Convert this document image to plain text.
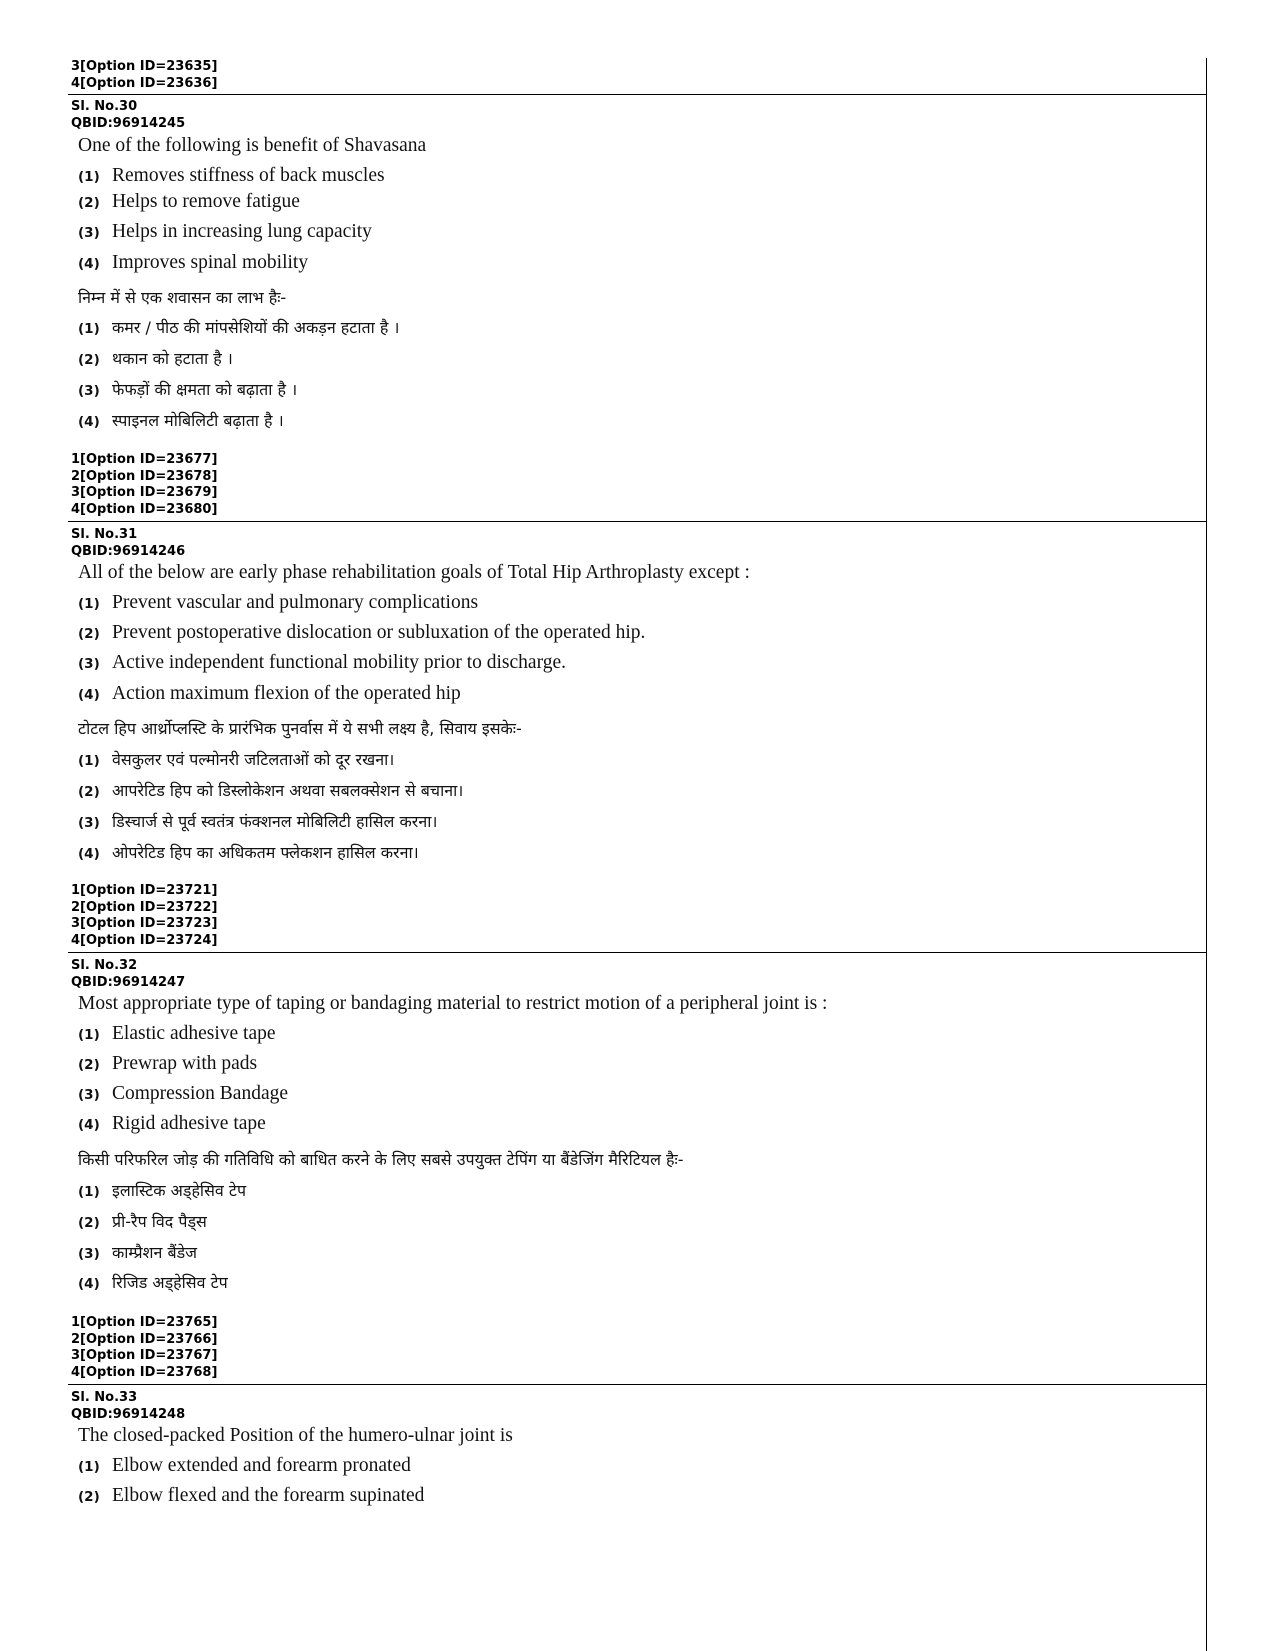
3[Option ID=23635]
4[Option ID=23636]
Sl. No.30
QBID:96914245
One of the following is benefit of Shavasana
(1) Removes stiffness of back muscles
(2) Helps to remove fatigue
(3) Helps in increasing lung capacity
(4) Improves spinal mobility
निम्न में से एक शवासन का लाभ हैः-
(1) कमर / पीठ की मांपसेशियों की अकड़न हटाता है ।
(2) थकान को हटाता है ।
(3) फेफड़ों की क्षमता को बढ़ाता है ।
(4) स्पाइनल मोबिलिटी बढ़ाता है ।
1[Option ID=23677]
2[Option ID=23678]
3[Option ID=23679]
4[Option ID=23680]
Sl. No.31
QBID:96914246
All of the below are early phase rehabilitation goals of Total Hip Arthroplasty except :
(1) Prevent vascular and pulmonary complications
(2) Prevent postoperative dislocation or subluxation of the operated hip.
(3) Active independent functional mobility prior to discharge.
(4) Action maximum flexion of the operated hip
टोटल हिप आर्थ्रोप्लस्टि के प्रारंभिक पुनर्वास में ये सभी लक्ष्य है, सिवाय इसकेः-
(1) वेसकुलर एवं पल्मोनरी जटिलताओं को दूर रखना।
(2) आपरेटिड हिप को डिस्लोकेशन अथवा सबलक्सेशन से बचाना।
(3) डिस्चार्ज से पूर्व स्वतंत्र फंक्शनल मोबिलिटी हासिल करना।
(4) ओपरेटिड हिप का अधिकतम फ्लेकशन हासिल करना।
1[Option ID=23721]
2[Option ID=23722]
3[Option ID=23723]
4[Option ID=23724]
Sl. No.32
QBID:96914247
Most appropriate type of taping or bandaging material to restrict motion of a peripheral joint is :
(1) Elastic adhesive tape
(2) Prewrap with pads
(3) Compression Bandage
(4) Rigid adhesive tape
किसी परिफरिल जोड़ की गतिविधि को बाधित करने के लिए सबसे उपयुक्त टेपिंग या बैंडेजिंग मैरिटियल हैः-
(1) इलास्टिक अड्हेसिव टेप
(2) प्री-रैप विद पैड्स
(3) काम्प्रैशन बैंडेज
(4) रिजिड अड्हेसिव टेप
1[Option ID=23765]
2[Option ID=23766]
3[Option ID=23767]
4[Option ID=23768]
Sl. No.33
QBID:96914248
The closed-packed Position of the humero-ulnar joint is
(1) Elbow extended and forearm pronated
(2) Elbow flexed and the forearm supinated
